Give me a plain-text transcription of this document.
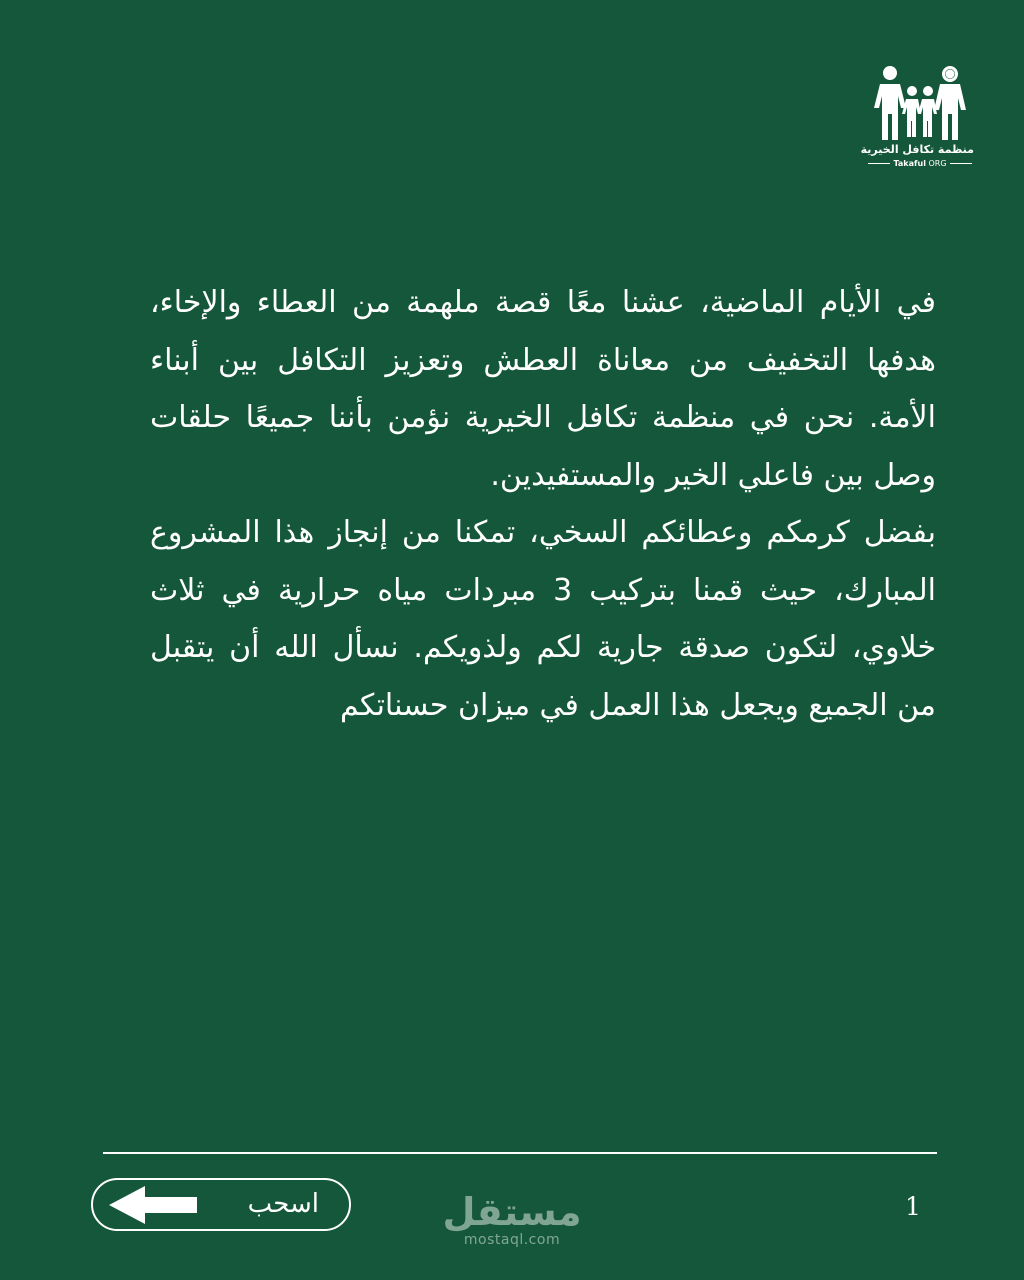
منظمة تكافل الخيرية
Takaful ORG

في الأيام الماضية، عشنا معًا قصة ملهمة من العطاء والإخاء، هدفها التخفيف من معاناة العطش وتعزيز التكافل بين أبناء الأمة. نحن في منظمة تكافل الخيرية نؤمن بأننا جميعًا حلقات وصل بين فاعلي الخير والمستفيدين.

بفضل كرمكم وعطائكم السخي، تمكنا من إنجاز هذا المشروع المبارك، حيث قمنا بتركيب 3 مبردات مياه حرارية في ثلاث خلاوي، لتكون صدقة جارية لكم ولذويكم. نسأل الله أن يتقبل من الجميع ويجعل هذا العمل في ميزان حسناتكم

اسحب	مستقل
mostaql.com
1
